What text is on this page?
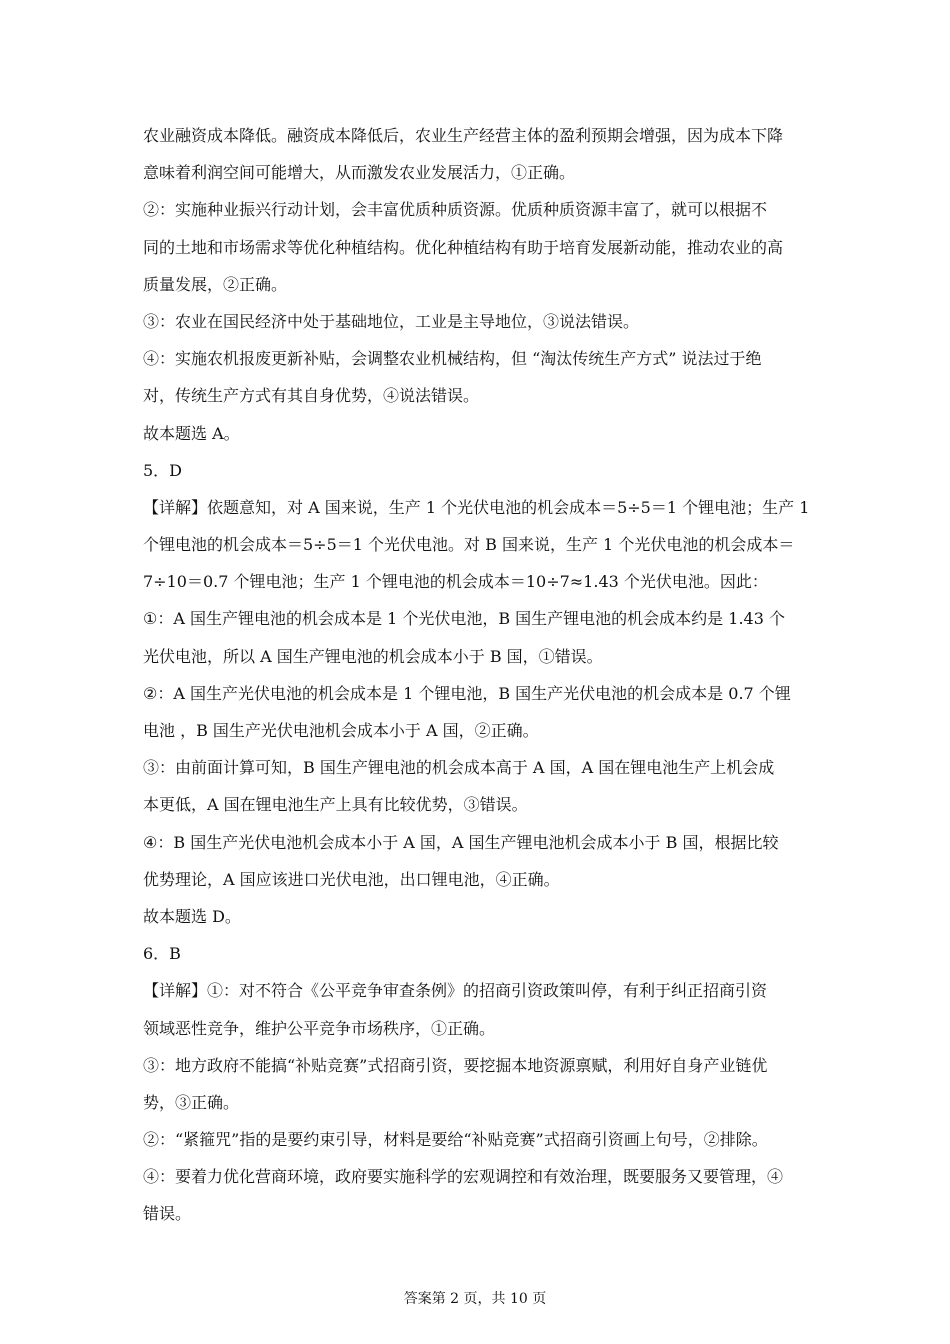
农业融资成本降低。融资成本降低后，农业生产经营主体的盈利预期会增强，因为成本下降
意味着利润空间可能增大，从而激发农业发展活力，①正确。
②：实施种业振兴行动计划，会丰富优质种质资源。优质种质资源丰富了，就可以根据不
同的土地和市场需求等优化种植结构。优化种植结构有助于培育发展新动能，推动农业的高
质量发展，②正确。
③：农业在国民经济中处于基础地位，工业是主导地位，③说法错误。
④：实施农机报废更新补贴，会调整农业机械结构，但 “淘汰传统生产方式” 说法过于绝
对，传统生产方式有其自身优势，④说法错误。
故本题选 A。
5．D
【详解】依题意知，对 A 国来说，生产 1 个光伏电池的机会成本＝5÷5＝1 个锂电池；生产 1
个锂电池的机会成本＝5÷5＝1 个光伏电池。对 B 国来说，生产 1 个光伏电池的机会成本＝
7÷10＝0.7 个锂电池；生产 1 个锂电池的机会成本＝10÷7≈1.43 个光伏电池。因此：
①：A 国生产锂电池的机会成本是 1 个光伏电池，B 国生产锂电池的机会成本约是 1.43 个
光伏电池，所以 A 国生产锂电池的机会成本小于 B 国，①错误。
②：A 国生产光伏电池的机会成本是 1 个锂电池，B 国生产光伏电池的机会成本是 0.7 个锂
电池 ，B 国生产光伏电池机会成本小于 A 国，②正确。
③：由前面计算可知，B 国生产锂电池的机会成本高于 A 国，A 国在锂电池生产上机会成
本更低，A 国在锂电池生产上具有比较优势，③错误。
④：B 国生产光伏电池机会成本小于 A 国，A 国生产锂电池机会成本小于 B 国，根据比较
优势理论，A 国应该进口光伏电池，出口锂电池，④正确。
故本题选 D。
6．B
【详解】①：对不符合《公平竞争审查条例》的招商引资政策叫停，有利于纠正招商引资
领域恶性竞争，维护公平竞争市场秩序，①正确。
③：地方政府不能搞“补贴竞赛”式招商引资，要挖掘本地资源禀赋，利用好自身产业链优
势，③正确。
②：“紧箍咒”指的是要约束引导，材料是要给“补贴竞赛”式招商引资画上句号，②排除。
④：要着力优化营商环境，政府要实施科学的宏观调控和有效治理，既要服务又要管理，④
错误。
答案第 2 页，共 10 页
